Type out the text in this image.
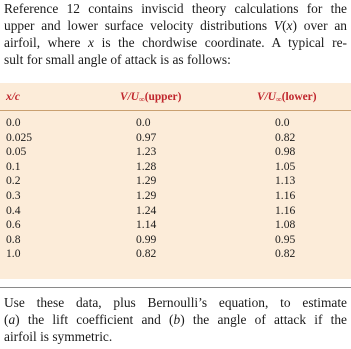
Reference 12 contains inviscid theory calculations for the
upper and lower surface velocity distributions V(x) over an
airfoil, where x is the chordwise coordinate. A typical re-
sult for small angle of attack is as follows:
x/c	$V/U_\infty(upper)$	$V/U_\infty(lower)$
0.0	0.0	0.0
0.025	0.97	0.82
0.05	1.23	0.98
0.1	1.28	1.05
0.2	1.29	1.13
0.3	1.29	1.16
0.4	1.24	1.16
0.6	1.14	1.08
0.8	0.99	0.95
1.0	0.82	0.82
Use these data, plus Bernoulli’s equation, to estimate
(a) the lift coefficient and (b) the angle of attack if the
airfoil is symmetric.
